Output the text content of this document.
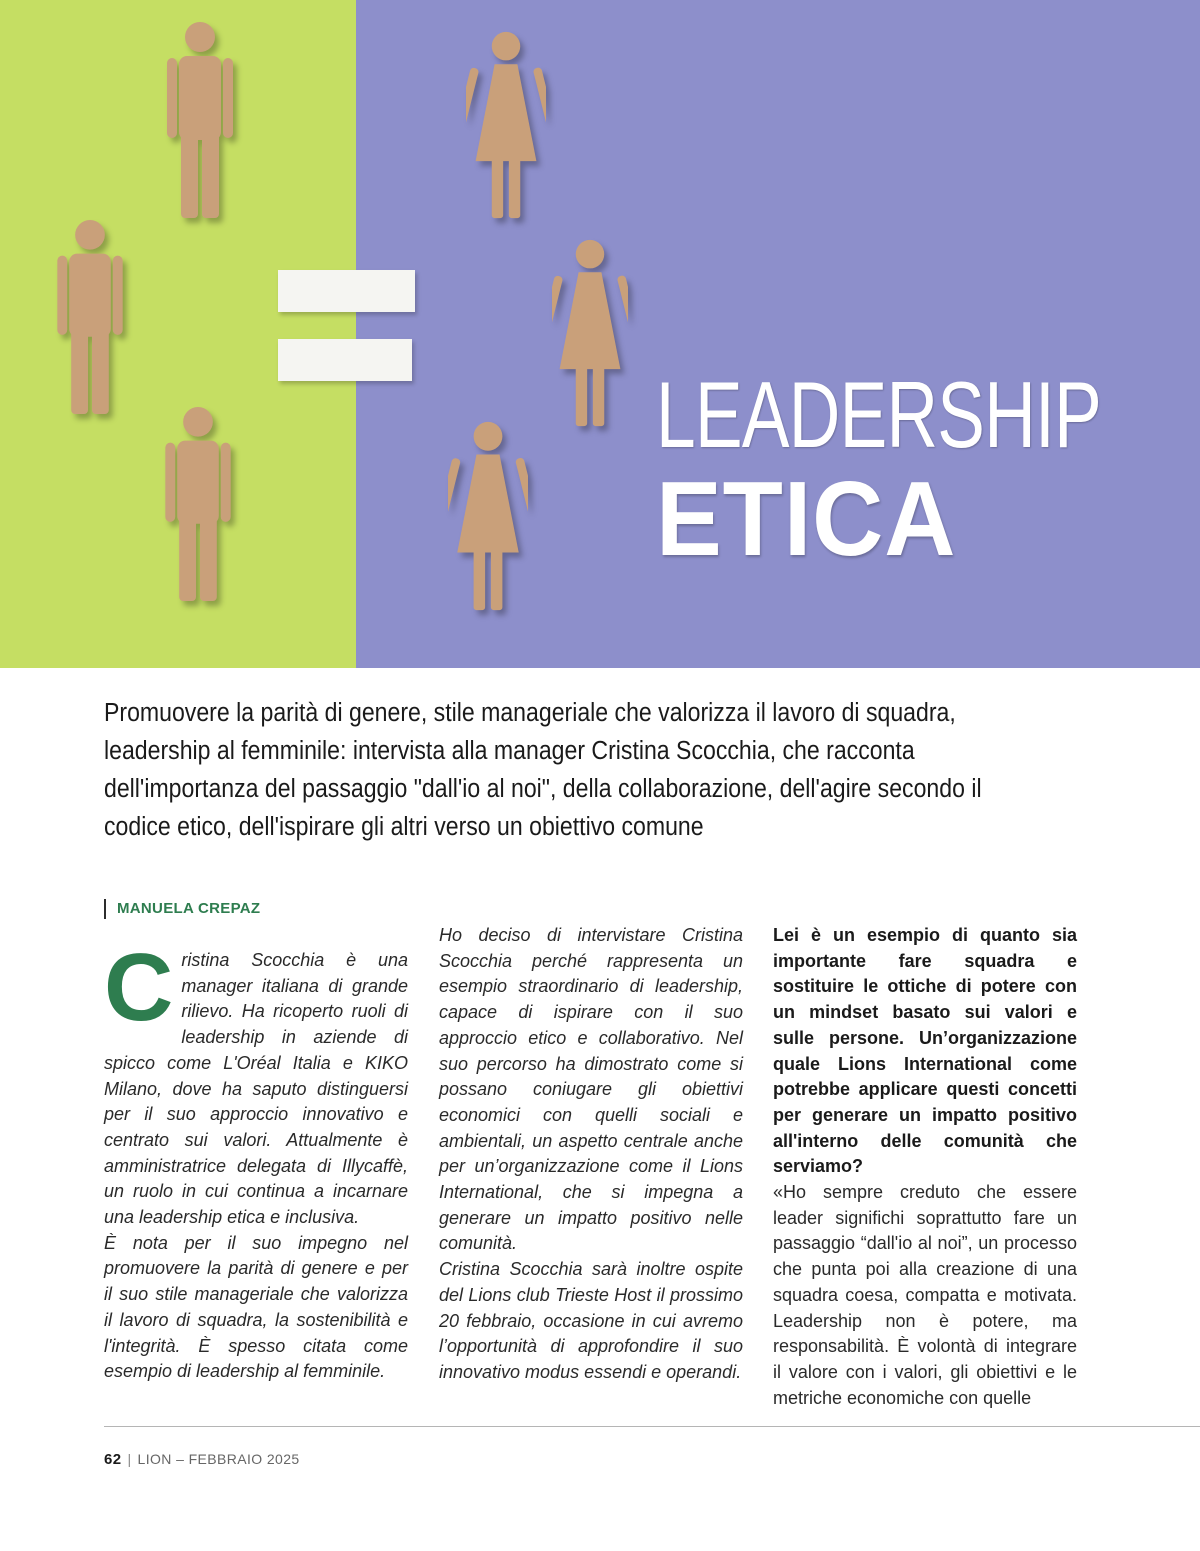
LEADERSHIP
ETICA

Promuovere la parità di genere, stile manageriale che valorizza il lavoro di squadra, leadership al femminile: intervista alla manager Cristina Scocchia, che racconta dell'importanza del passaggio "dall'io al noi", della collaborazione, dell'agire secondo il codice etico, dell'ispirare gli altri verso un obiettivo comune

MANUELA CREPAZ

Cristina Scocchia è una manager italiana di grande rilievo. Ha ricoperto ruoli di leadership in aziende di spicco come L'Oréal Italia e KIKO Milano, dove ha saputo distinguersi per il suo approccio innovativo e centrato sui valori. Attualmente è amministratrice delegata di Illycaffè, un ruolo in cui continua a incarnare una leadership etica e inclusiva.

È nota per il suo impegno nel promuovere la parità di genere e per il suo stile manageriale che valorizza il lavoro di squadra, la sostenibilità e l'integrità. È spesso citata come esempio di leadership al femminile.

Ho deciso di intervistare Cristina Scocchia perché rappresenta un esempio straordinario di leadership, capace di ispirare con il suo approccio etico e collaborativo. Nel suo percorso ha dimostrato come si possano coniugare gli obiettivi economici con quelli sociali e ambientali, un aspetto centrale anche per un’organizzazione come il Lions International, che si impegna a generare un impatto positivo nelle comunità.

Cristina Scocchia sarà inoltre ospite del Lions club Trieste Host il prossimo 20 febbraio, occasione in cui avremo l’opportunità di approfondire il suo innovativo modus essendi e operandi.

Lei è un esempio di quanto sia importante fare squadra e sostituire le ottiche di potere con un mindset basato sui valori e sulle persone. Un’organizzazione quale Lions International come potrebbe applicare questi concetti per generare un impatto positivo all'interno delle comunità che serviamo?

«Ho sempre creduto che essere leader significhi soprattutto fare un passaggio “dall'io al noi”, un processo che punta poi alla creazione di una squadra coesa, compatta e motivata. Leadership non è potere, ma responsabilità. È volontà di integrare il valore con i valori, gli obiettivi e le metriche economiche con quelle

62 | LION – FEBBRAIO 2025
